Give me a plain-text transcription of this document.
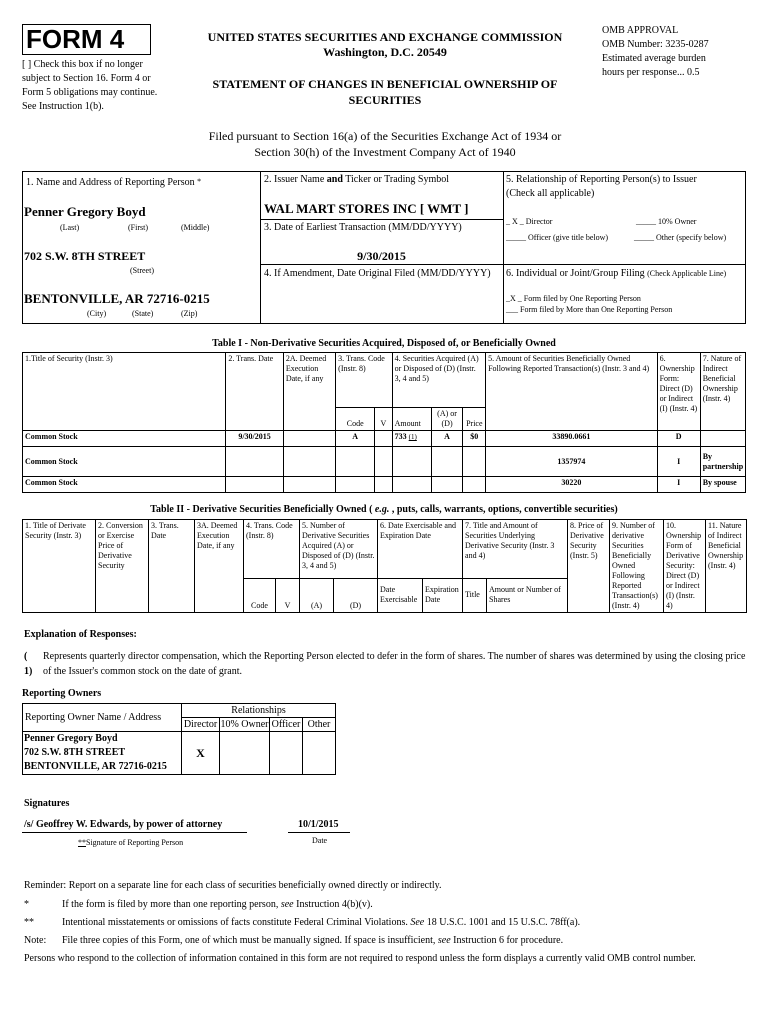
FORM 4
[ ] Check this box if no longer subject to Section 16. Form 4 or Form 5 obligations may continue. See Instruction 1(b).
UNITED STATES SECURITIES AND EXCHANGE COMMISSION
Washington, D.C. 20549
STATEMENT OF CHANGES IN BENEFICIAL OWNERSHIP OF SECURITIES
OMB APPROVAL
OMB Number: 3235-0287
Estimated average burden
hours per response... 0.5
Filed pursuant to Section 16(a) of the Securities Exchange Act of 1934 or
Section 30(h) of the Investment Company Act of 1940
1. Name and Address of Reporting Person *
Penner Gregory Boyd
(Last)	(First)	(Middle)
702 S.W. 8TH STREET
(Street)
BENTONVILLE, AR 72716-0215
(City)	(State)	(Zip)
2. Issuer Name and Ticker or Trading Symbol
WAL MART STORES INC [ WMT ]
3. Date of Earliest Transaction (MM/DD/YYYY)
9/30/2015
4. If Amendment, Date Original Filed (MM/DD/YYYY)
5. Relationship of Reporting Person(s) to Issuer
(Check all applicable)
_ X _ Director	_____ 10% Owner
_____ Officer (give title below)	_____ Other (specify below)
6. Individual or Joint/Group Filing (Check Applicable Line)
_X _ Form filed by One Reporting Person
___ Form filed by More than One Reporting Person
Table I - Non-Derivative Securities Acquired, Disposed of, or Beneficially Owned
1.Title of Security (Instr. 3)	2. Trans. Date	2A. Deemed Execution Date, if any	3. Trans. Code (Instr. 8)		4. Securities Acquired (A) or Disposed of (D) (Instr. 3, 4 and 5)			5. Amount of Securities Beneficially Owned Following Reported Transaction(s) (Instr. 3 and 4)	6. Ownership Form: Direct (D) or Indirect (I) (Instr. 4)	7. Nature of Indirect Beneficial Ownership (Instr. 4)
			Code	V	Amount	(A) or (D)	Price			
Common Stock	9/30/2015		A		733 (1)	A	$0	33890.0661	D	
Common Stock								1357974	I	By partnership
Common Stock								30220	I	By spouse
Table II - Derivative Securities Beneficially Owned ( e.g. , puts, calls, warrants, options, convertible securities)
1. Title of Derivate Security (Instr. 3)	2. Conversion or Exercise Price of Derivative Security	3. Trans. Date	3A. Deemed Execution Date, if any	4. Trans. Code (Instr. 8)		5. Number of Derivative Securities Acquired (A) or Disposed of (D) (Instr. 3, 4 and 5)		6. Date Exercisable and Expiration Date		7. Title and Amount of Securities Underlying Derivative Security (Instr. 3 and 4)		8. Price of Derivative Security (Instr. 5)	9. Number of derivative Securities Beneficially Owned Following Reported Transaction(s) (Instr. 4)	10. Ownership Form of Derivative Security: Direct (D) or Indirect (I) (Instr. 4)	11. Nature of Indirect Beneficial Ownership (Instr. 4)
				Code	V	(A)	(D)	Date Exercisable	Expiration Date	Title	Amount or Number of Shares				
Explanation of Responses:
(
1)
Represents quarterly director compensation, which the Reporting Person elected to defer in the form of shares. The number of shares was determined by using the closing price of the Issuer's common stock on the date of grant.
Reporting Owners
Reporting Owner Name / Address	Relationships			
	Director	10% Owner	Officer	Other

Penner Gregory Boyd
702 S.W. 8TH STREET
BENTONVILLE, AR 72716-0215	X			
Signatures
/s/ Geoffrey W. Edwards, by power of attorney	10/1/2015
**Signature of Reporting Person	Date
Reminder: Report on a separate line for each class of securities beneficially owned directly or indirectly.
*	If the form is filed by more than one reporting person, see Instruction 4(b)(v).
**	Intentional misstatements or omissions of facts constitute Federal Criminal Violations. See 18 U.S.C. 1001 and 15 U.S.C. 78ff(a).
Note: File three copies of this Form, one of which must be manually signed. If space is insufficient, see Instruction 6 for procedure.
Persons who respond to the collection of information contained in this form are not required to respond unless the form displays a currently valid OMB control number.
